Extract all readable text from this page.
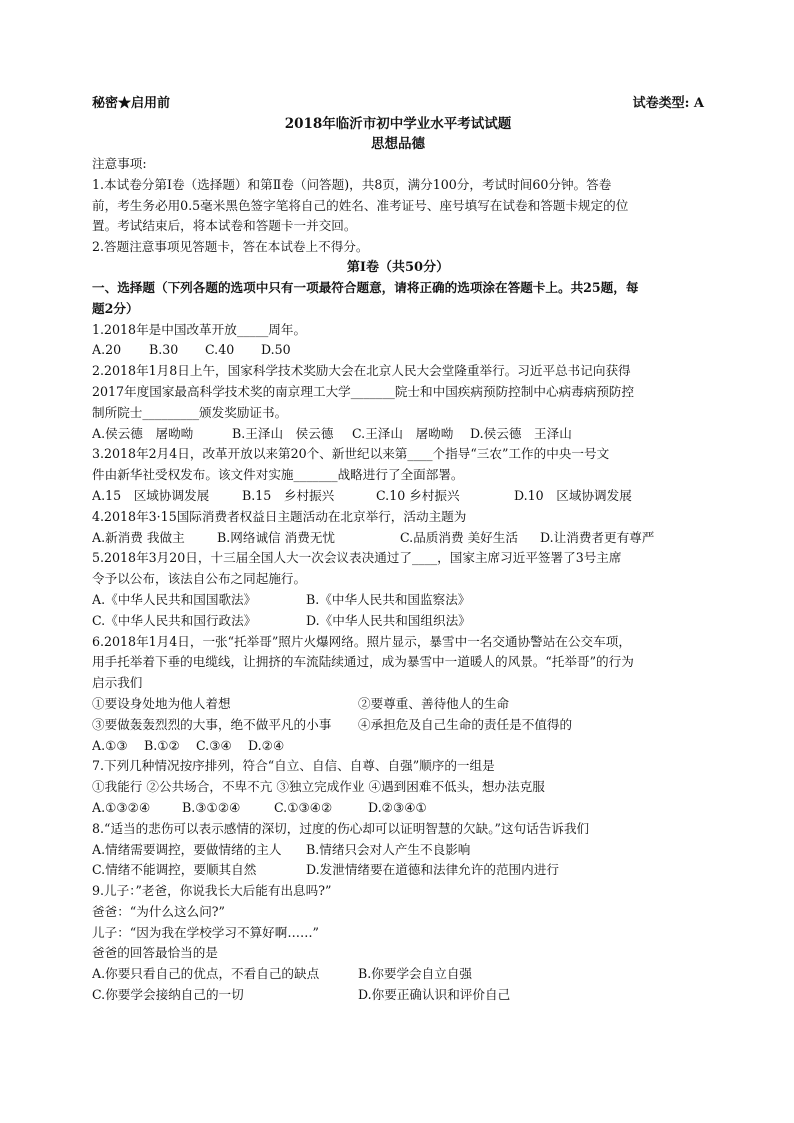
秘密★启用前	试卷类型: A
2018年临沂市初中学业水平考试试题
思想品德
注意事项:
1.本试卷分第Ⅰ卷（选择题）和第Ⅱ卷（问答题)，共8页，满分100分，考试时间60分钟。答卷
前，考生务必用0.5毫米黑色签字笔将自己的姓名、准考证号、座号填写在试卷和答题卡规定的位
置。考试结束后，将本试卷和答题卡一并交回。
2.答题注意事项见答题卡，答在本试卷上不得分。
第Ⅰ卷（共50分）
一、选择题（下列各题的选项中只有一项最符合题意，请将正确的选项涂在答题卡上。共25题，每
题2分）
1.2018年是中国改革开放_____周年。
A.20	B.30	C.40	D.50
2.2018年1月8日上午，国家科学技术奖励大会在北京人民大会堂隆重举行。习近平总书记向获得
2017年度国家最高科学技术奖的南京理工大学_______院士和中国疾病预防控制中心病毒病预防控
制所院士_________颁发奖励证书。
A.侯云德　屠呦呦	B.王泽山　侯云德	C.王泽山　屠呦呦	D.侯云德　王泽山
3.2018年2月4日，改革开放以来第20个、新世纪以来第____个指导“三农”工作的中央一号文
件由新华社受权发布。该文件对实施_______战略进行了全面部署。
A.15　区域协调发展	B.15　乡村振兴	C.10 乡村振兴	D.10　区域协调发展
4.2018年3·15国际消费者权益日主题活动在北京举行，活动主题为
A.新消费 我做主	B.网络诚信 消费无忧	C.品质消费 美好生活	D.让消费者更有尊严
5.2018年3月20日，十三届全国人大一次会议表决通过了____，国家主席习近平签署了3号主席
令予以公布，该法自公布之同起施行。
A.《中华人民共和国国歌法》	B.《中华人民共和国监察法》
C.《中华人民共和国行政法》	D.《中华人民共和国组织法》
6.2018年1月4日，一张“托举哥”照片火爆网络。照片显示，暴雪中一名交通协警站在公交车项，
用手托举着下垂的电缆线，让拥挤的车流陆续通过，成为暴雪中一道暖人的风景。“托举哥”的行为
启示我们
①要设身处地为他人着想	②要尊重、善待他人的生命
③要做轰轰烈烈的大事，绝不做平凡的小事	④承担危及自己生命的责任是不值得的
A.①③	B.①②	C.③④	D.②④
7.下列几种情况按序排列，符合“自立、自信、自尊、自强”顺序的一组是
①我能行 ②公共场合，不卑不亢 ③独立完成作业 ④遇到困难不低头，想办法克服
A.①③②④	B.③①②④	C.①③④②	D.②③④①
8.“适当的悲伤可以表示感情的深切，过度的伤心却可以证明智慧的欠缺。”这句话告诉我们
A.情绪需要调控，要做情绪的主人	B.情绪只会对人产生不良影响
C.情绪不能调控，要顺其自然	D.发泄情绪要在道德和法律允许的范围内进行
9.儿子：”老爸，你说我长大后能有出息吗?”
爸爸：“为什么这么问?”
儿子：“因为我在学校学习不算好啊……”
爸爸的回答最恰当的是
A.你要只看自己的优点，不看自己的缺点	B.你要学会自立自强
C.你要学会接纳自己的一切	D.你要正确认识和评价自己
